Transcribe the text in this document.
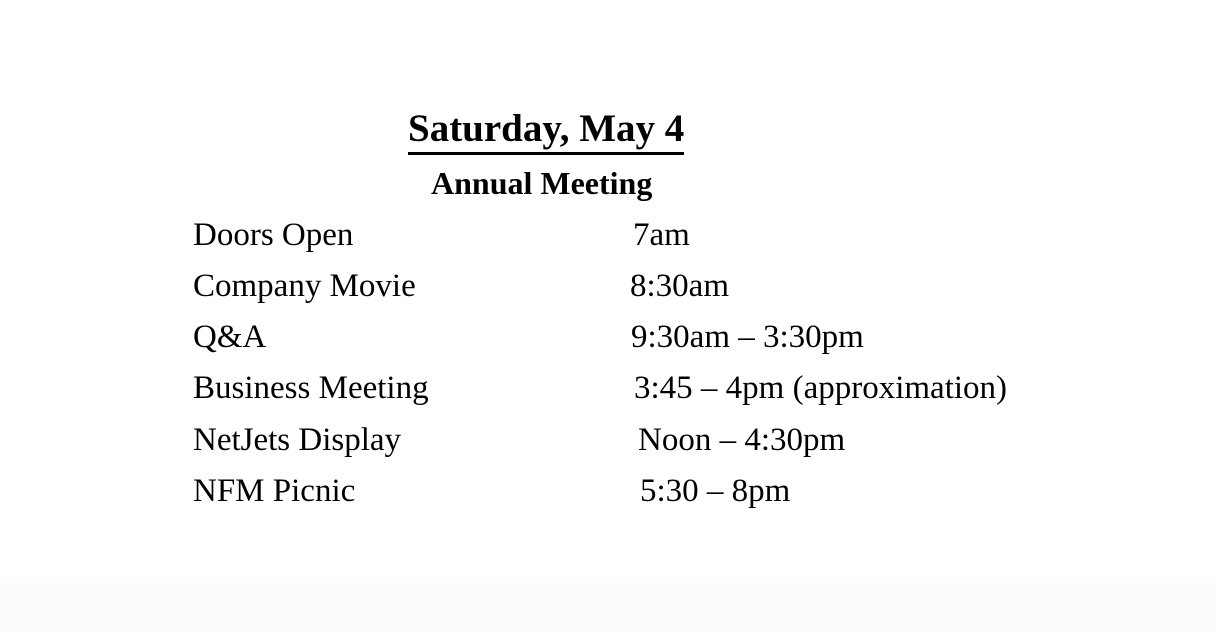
Saturday, May 4
Annual Meeting
Doors Open	7am
Company Movie	8:30am
Q&A	9:30am – 3:30pm
Business Meeting	3:45 – 4pm (approximation)
NetJets Display	Noon – 4:30pm
NFM Picnic	5:30 – 8pm
